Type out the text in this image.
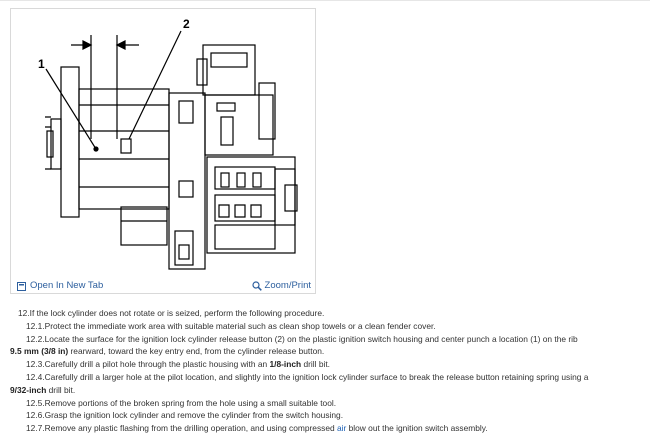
1
2
Open In New Tab	Zoom/Print
12.If the lock cylinder does not rotate or is seized, perform the following procedure.
12.1.Protect the immediate work area with suitable material such as clean shop towels or a clean fender cover.
12.2.Locate the surface for the ignition lock cylinder release button (2) on the plastic ignition switch housing and center punch a location (1) on the rib
9.5 mm (3/8 in) rearward, toward the key entry end, from the cylinder release button.
12.3.Carefully drill a pilot hole through the plastic housing with an 1/8-inch drill bit.
12.4.Carefully drill a larger hole at the pilot location, and slightly into the ignition lock cylinder surface to break the release button retaining spring using a
9/32-inch drill bit.
12.5.Remove portions of the broken spring from the hole using a small suitable tool.
12.6.Grasp the ignition lock cylinder and remove the cylinder from the switch housing.
12.7.Remove any plastic flashing from the drilling operation, and using compressed air blow out the ignition switch assembly.
